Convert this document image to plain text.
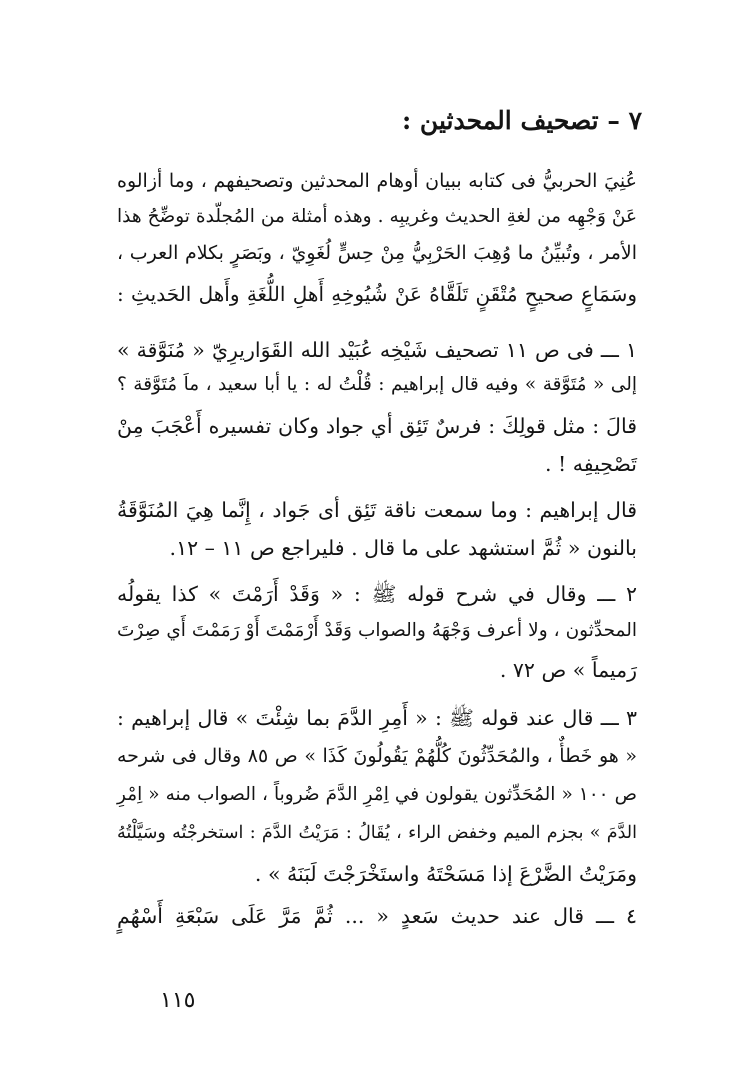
٧ – تصحيف المحدثين :
عُنِيَ الحربيُّ فى كتابه ببيان أوهام المحدثين وتصحيفهم ، وما أزالوه
عَنْ وَجْهِه من لغةِ الحديث وغريبِه . وهذه أمثلة من المُجلّدة توضِّحُ هذا
الأمر ، وتُبيِّنُ ما وُهِبَ الحَرْبِيُّ مِنْ حِسٍّ لُغَوِيّ ، وبَصَرٍ بكلام العرب ،
وسَمَاعٍ صحيحٍ مُتْقَنٍ تَلَقَّاهُ عَنْ شُيُوخِهِ أَهلِ اللُّغَةِ وأَهل الحَديثِ :
١ ـــ فى ص ١١ تصحيف شَيْخِه عُبَيْد الله القَوَاريرِيّ « مُنَوَّقة »
إلى « مُتَوَّقة » وفيه قال إبراهيم : قُلْتُ له : يا أبا سعيد ، ماَ مُتَوَّقة ؟
قالَ : مثل قولِكَ : فرسٌ تَئِق أي جواد وكان تفسيره أَعْجَبَ مِنْ
تَصْحِيفِه ! .
قال إبراهيم : وما سمعت ناقة تَئِق أى جَواد ، إِنَّما هِيَ المُنَوَّقَةُ
بالنون « ثُمَّ استشهد على ما قال . فليراجع ص ١١ – ١٢.
٢ ـــ وقال في شرح قوله ﷺ : « وَقَدْ أَرَمْتَ » كذا يقولُه
المحدِّثون ، ولا أعرف وَجْهَهُ والصواب وَقَدْ أَرْمَمْتَ أَوْ رَمَمْتَ أَي صِرْتَ
رَميماً » ص ٧٢ .
٣ ـــ قال عند قوله ﷺ : « أَمِرِ الدَّمَ بما شِئْتَ » قال إبراهيم :
« هو خَطأٌ ، والمُحَدِّثُونَ كُلُّهُمْ يَقُولُونَ كَذَا » ص ٨٥ وقال فى شرحه
ص ١٠٠ « المُحَدِّثون يقولون في اِمْرِ الدَّمَ ضُروباً ، الصواب منه « اِمْرِ
الدَّمَ » بجزم الميم وخفض الراء ، يُقَالُ : مَرَيْتُ الدَّمَ : استخرجْتُه وسَيَّلْتُهُ
ومَرَيْتُ الضَّرْعَ إذا مَسَحْتَهُ واستَخْرَجْتَ لَبَنَهُ » .
٤ ـــ قال عند حديث سَعدٍ « ... ثُمَّ مَرَّ عَلَى سَبْعَةِ أَسْهُمٍ
١١٥
